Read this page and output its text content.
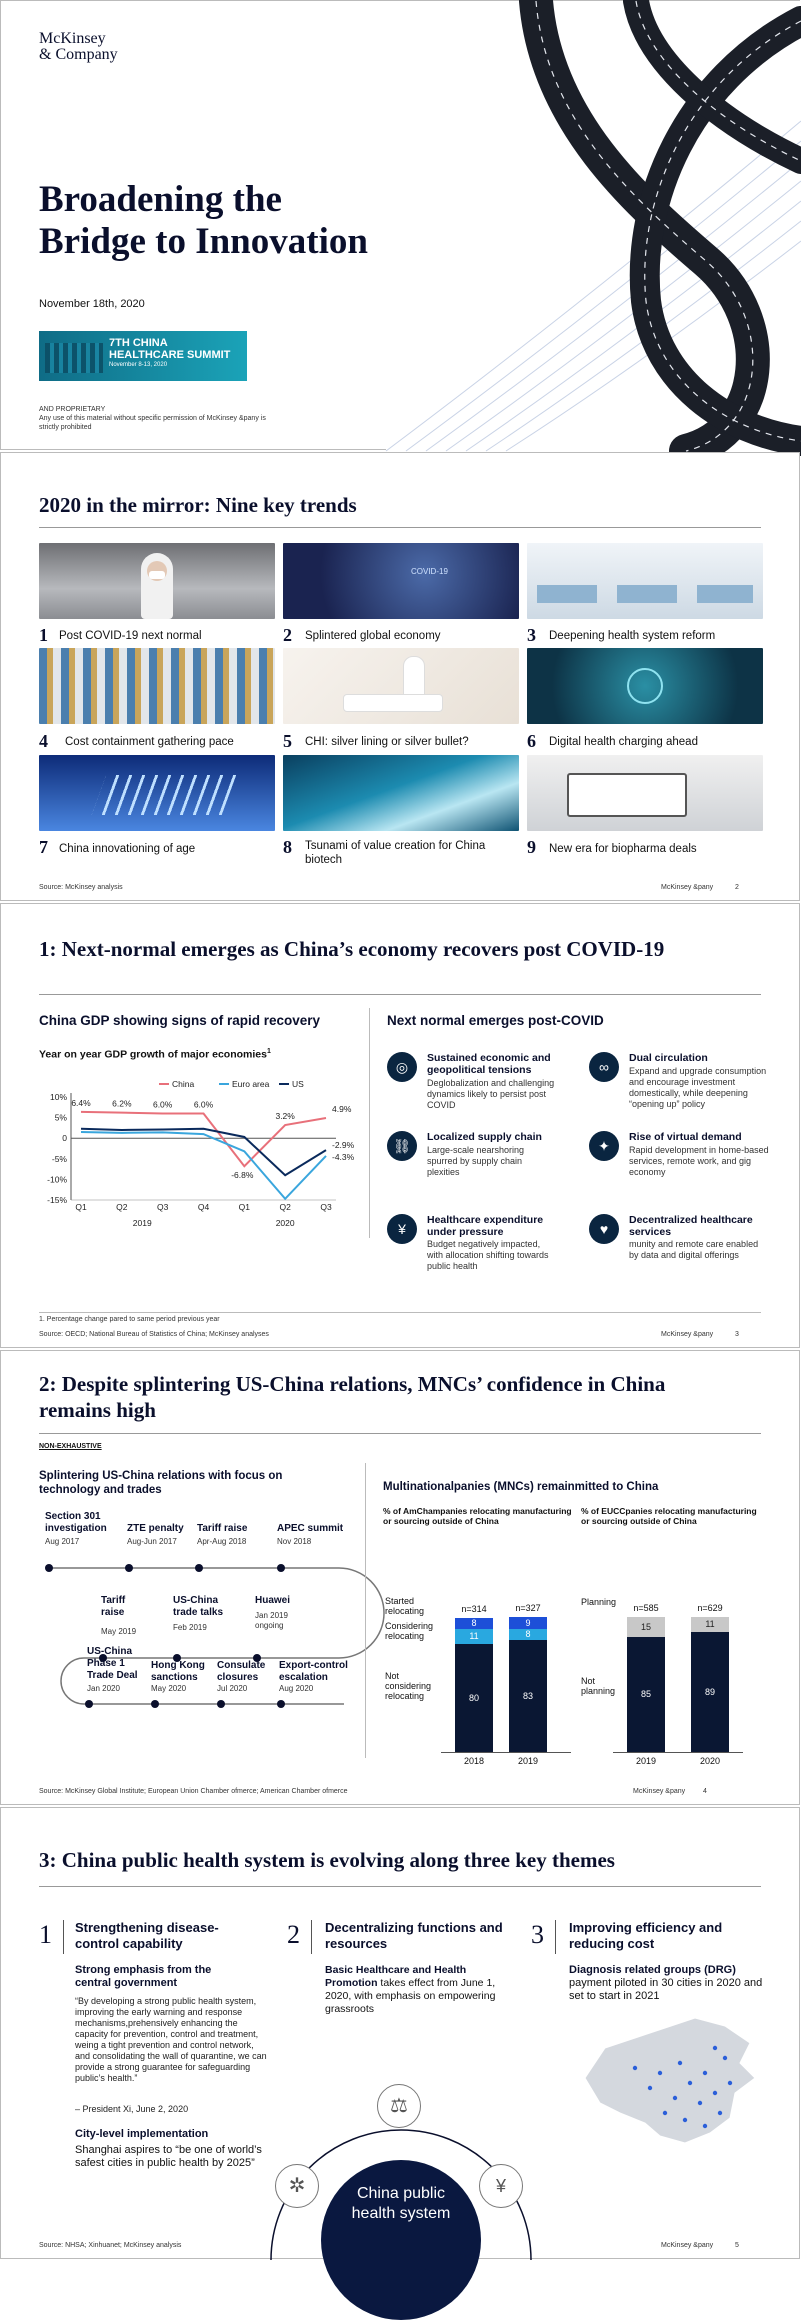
McKinsey
& Company
Broadening the
Bridge to Innovation
November 18th, 2020
7TH CHINA
HEALTHCARE SUMMIT
November 8-13, 2020
AND PROPRIETARY
Any use of this material without specific permission of McKinsey &pany is
strictly prohibited
2020 in the mirror: Nine key trends
COVID-19
1 Post COVID-19 next normal	2 Splintered global economy	3 Deepening health system reform
4 Cost containment gathering pace	5 CHI: silver lining or silver bullet?	6 Digital health charging ahead
7 China innovationing of age	8 Tsunami of value creation for China biotech
9 New era for biopharma deals
Source: McKinsey analysis	McKinsey &pany	2
1: Next-normal emerges as China’s economy recovers post COVID-19
China GDP showing signs of rapid recovery
Year on year GDP growth of major economies$^1$
China	Euro area	US
10%
5%
0
-5%
-10%
-15%
Q1	Q2	Q3	Q4	Q1	Q2	Q3
2019	2020
6.4%	6.2%	6.0%	6.0%
-6.8%
3.2%
4.9%
-2.9%
-4.3%
Next normal emerges post-COVID
◎
Sustained economic and geopolitical tensions
Deglobalization and challenging dynamics likely to persist post COVID
∞
Dual circulation
Expand and upgrade consumption and encourage investment domestically, while deepening “opening up” policy
⛓
Localized supply chain
Large-scale nearshoring spurred by supply chain plexities
✦
Rise of virtual demand
Rapid development in home-based services, remote work, and gig economy
¥
Healthcare expenditure under pressure
Budget negatively impacted, with allocation shifting towards public health
♥
Decentralized healthcare services
munity and remote care enabled by data and digital offerings
1. Percentage change pared to same period previous year
Source: OECD; National Bureau of Statistics of China; McKinsey analyses	McKinsey &pany	3
2: Despite splintering US-China relations, MNCs’ confidence in China remains high
NON-EXHAUSTIVE
Splintering US-China relations with focus on technology and trades
Section 301 investigation
Aug 2017
ZTE penalty
Aug-Jun 2017
Tariff raise
Apr-Aug 2018
APEC summit
Nov 2018
Tariff raise
May 2019
US-China trade talks
Feb 2019
Huawei
Jan 2019 ongoing
US-China Phase 1 Trade Deal
Jan 2020
Hong Kong sanctions
May 2020
Consulate closures
Jul 2020
Export-control escalation
Aug 2020
Multinationalpanies (MNCs) remainmitted to China
% of AmChampanies relocating manufacturing or sourcing outside of China
% of EUCCpanies relocating manufacturing or sourcing outside of China
Started relocating
Considering relocating
Not considering relocating
Planning
Not planning
Source: McKinsey Global Institute; European Union Chamber ofmerce; American Chamber ofmerce	McKinsey &pany	4
80
11
8
n=314
2018
83
8
9
n=327
2019
85
15
n=585
2019
89
11
n=629
2020
3: China public health system is evolving along three key themes
1 Strengthening disease-control capability	2 Decentralizing functions and resources	3 Improving efficiency and reducing cost
Strong emphasis from the central government
“By developing a strong public health system, improving the early warning and response mechanisms,prehensively enhancing the capacity for prevention, control and treatment, weing a tight prevention and control network, and consolidating the wall of quarantine, we can provide a strong guarantee for safeguarding public’s health.”
– President Xi, June 2, 2020
City-level implementation
Shanghai aspires to “be one of world’s safest cities in public health by 2025”
Basic Healthcare and Health Promotion takes effect from June 1, 2020, with emphasis on empowering grassroots
Diagnosis related groups (DRG) payment piloted in 30 cities in 2020 and set to start in 2021
⚖
✲	¥
China public
health system
Source: NHSA; Xinhuanet; McKinsey analysis	McKinsey &pany	5
